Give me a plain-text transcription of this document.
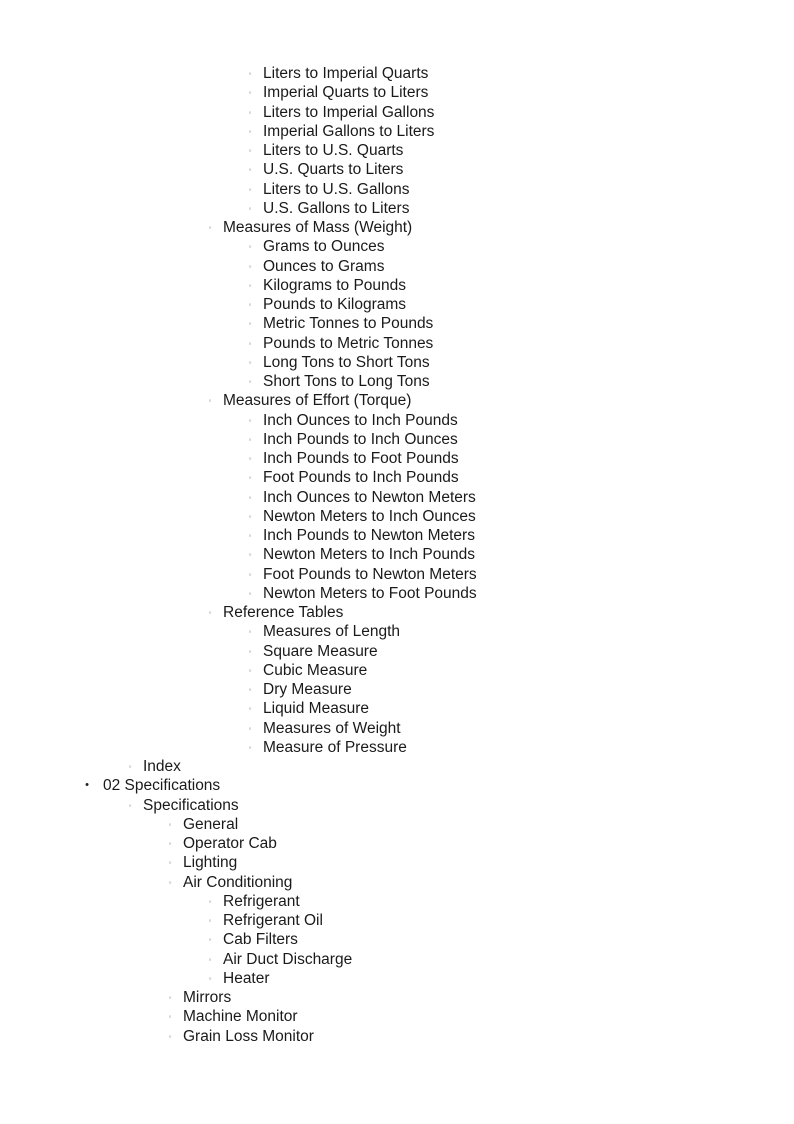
◦ Liters to Imperial Quarts
◦ Imperial Quarts to Liters
◦ Liters to Imperial Gallons
◦ Imperial Gallons to Liters
◦ Liters to U.S. Quarts
◦ U.S. Quarts to Liters
◦ Liters to U.S. Gallons
◦ U.S. Gallons to Liters
◦ Measures of Mass (Weight)
◦ Grams to Ounces
◦ Ounces to Grams
◦ Kilograms to Pounds
◦ Pounds to Kilograms
◦ Metric Tonnes to Pounds
◦ Pounds to Metric Tonnes
◦ Long Tons to Short Tons
◦ Short Tons to Long Tons
◦ Measures of Effort (Torque)
◦ Inch Ounces to Inch Pounds
◦ Inch Pounds to Inch Ounces
◦ Inch Pounds to Foot Pounds
◦ Foot Pounds to Inch Pounds
◦ Inch Ounces to Newton Meters
◦ Newton Meters to Inch Ounces
◦ Inch Pounds to Newton Meters
◦ Newton Meters to Inch Pounds
◦ Foot Pounds to Newton Meters
◦ Newton Meters to Foot Pounds
◦ Reference Tables
◦ Measures of Length
◦ Square Measure
◦ Cubic Measure
◦ Dry Measure
◦ Liquid Measure
◦ Measures of Weight
◦ Measure of Pressure
◦ Index
• 02 Specifications
◦ Specifications
◦ General
◦ Operator Cab
◦ Lighting
◦ Air Conditioning
◦ Refrigerant
◦ Refrigerant Oil
◦ Cab Filters
◦ Air Duct Discharge
◦ Heater
◦ Mirrors
◦ Machine Monitor
◦ Grain Loss Monitor
